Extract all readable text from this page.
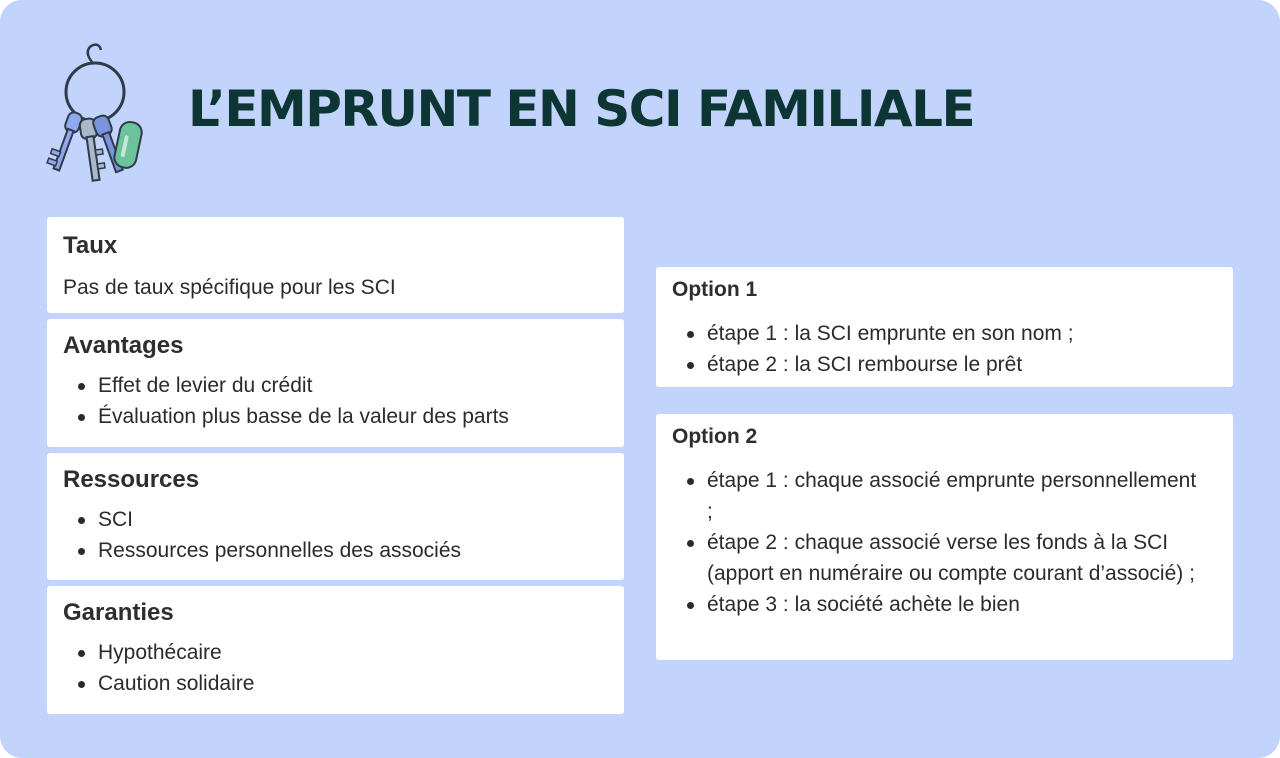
L’EMPRUNT EN SCI FAMILIALE
Taux

Pas de taux spécifique pour les SCI

Avantages
Effet de levier du crédit
Évaluation plus basse de la valeur des parts
Ressources
SCI
Ressources personnelles des associés
Garanties
Hypothécaire
Caution solidaire
Option 1
étape 1 : la SCI emprunte en son nom ;
étape 2 : la SCI rembourse le prêt
Option 2
étape 1 : chaque associé emprunte personnellement ;
étape 2 : chaque associé verse les fonds à la SCI (apport en numéraire ou compte courant d’associé) ;
étape 3 : la société achète le bien
